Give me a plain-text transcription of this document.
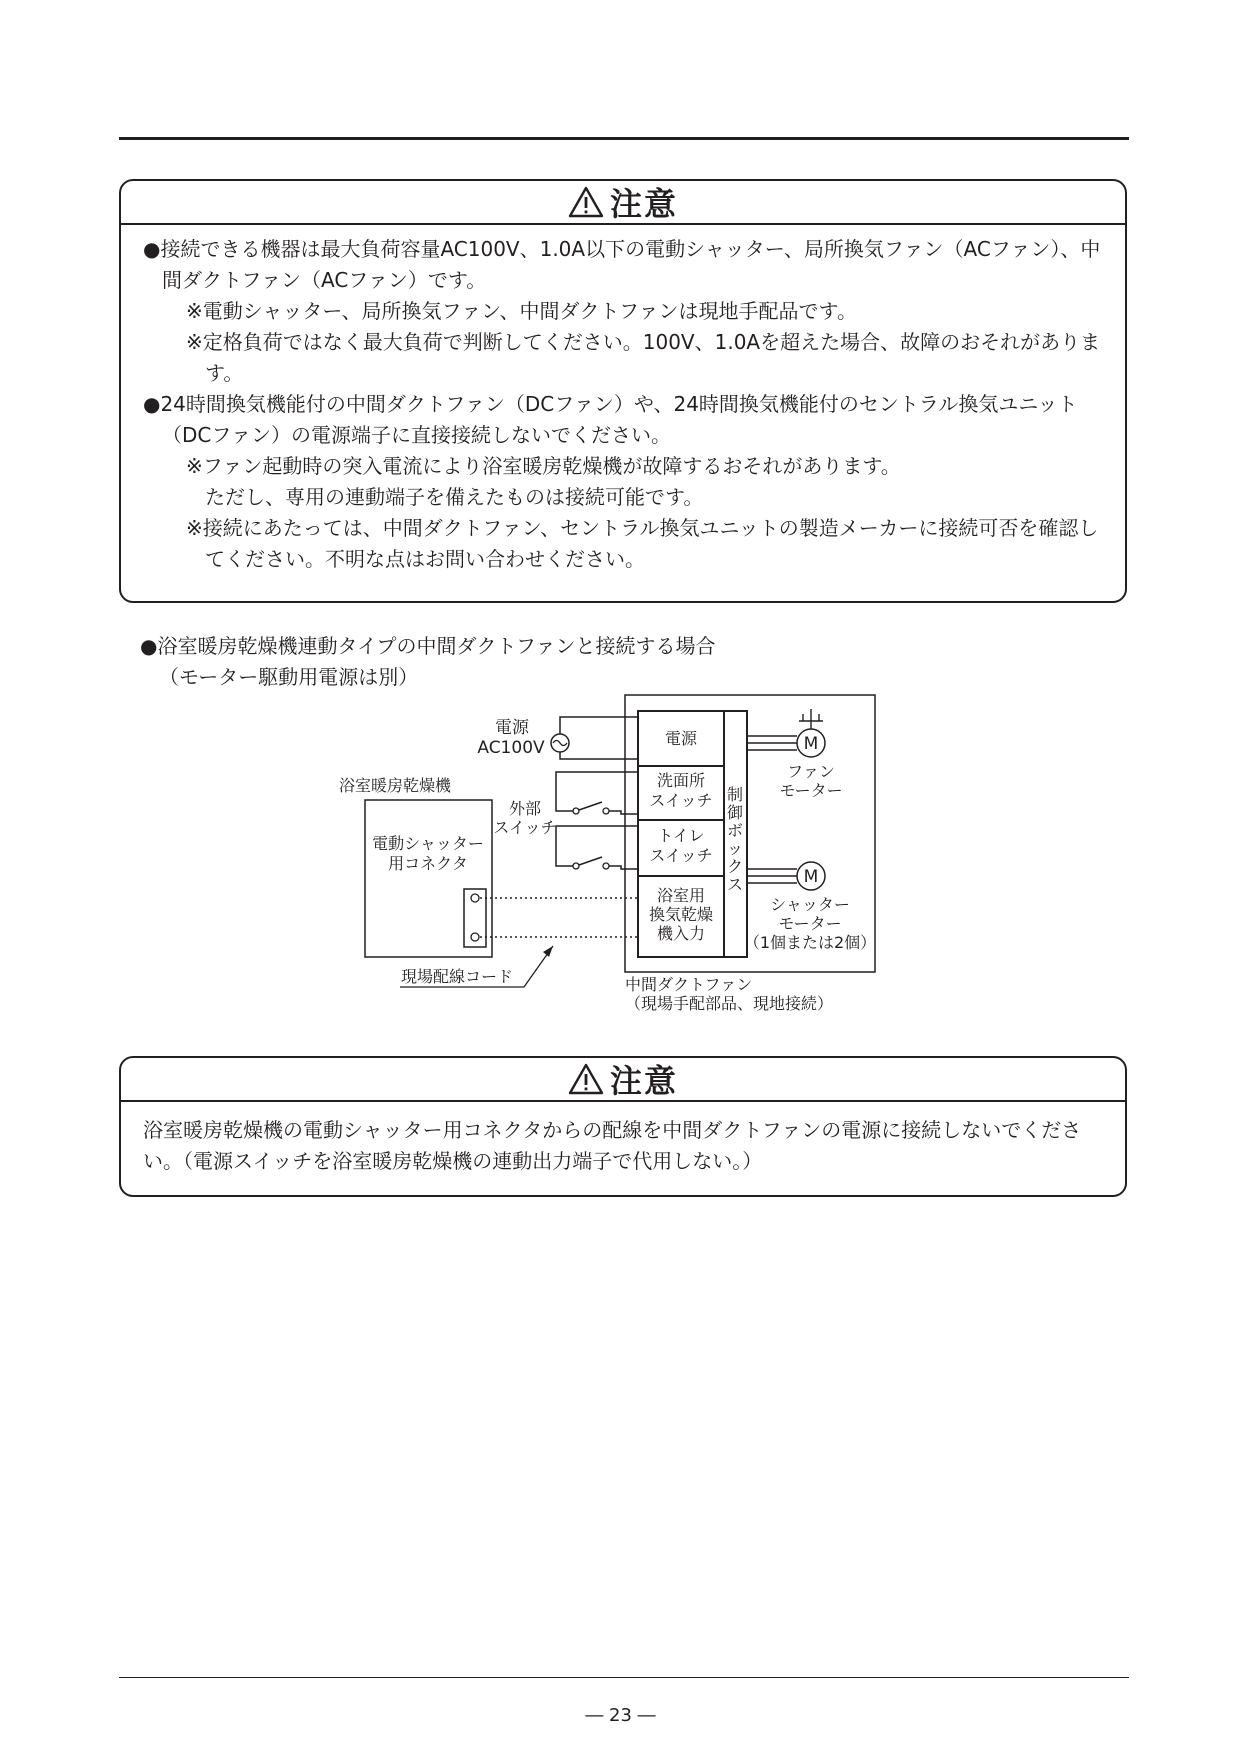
注意

●接続できる機器は最大負荷容量AC100V、1.0A以下の電動シャッター、局所換気ファン（ACファン）、中間ダクトファン（ACファン）です。

※電動シャッター、局所換気ファン、中間ダクトファンは現地手配品です。

※定格負荷ではなく最大負荷で判断してください。100V、1.0Aを超えた場合、故障のおそれがあります。

●24時間換気機能付の中間ダクトファン（DCファン）や、24時間換気機能付のセントラル換気ユニット（DCファン）の電源端子に直接接続しないでください。

※ファン起動時の突入電流により浴室暖房乾燥機が故障するおそれがあります。

ただし、専用の連動端子を備えたものは接続可能です。

※接続にあたっては、中間ダクトファン、セントラル換気ユニットの製造メーカーに接続可否を確認してください。不明な点はお問い合わせください。

●浴室暖房乾燥機連動タイプの中間ダクトファンと接続する場合

（モーター駆動用電源は別）

電源
洗面所
スイッチ
トイレ
スイッチ
浴室用
換気乾燥
機入力
制
御
ボ
ッ
ク
ス
電源
AC100V
外部
スイッチ
浴室暖房乾燥機
電動シャッター
用コネクタ
現場配線コード
M
ファン
モーター
M
シャッター
モーター
（1個または2個）
中間ダクトファン
（現場手配部品、現地接続）
注意

浴室暖房乾燥機の電動シャッター用コネクタからの配線を中間ダクトファンの電源に接続しないでください。（電源スイッチを浴室暖房乾燥機の連動出力端子で代用しない。）

― 23 ―
